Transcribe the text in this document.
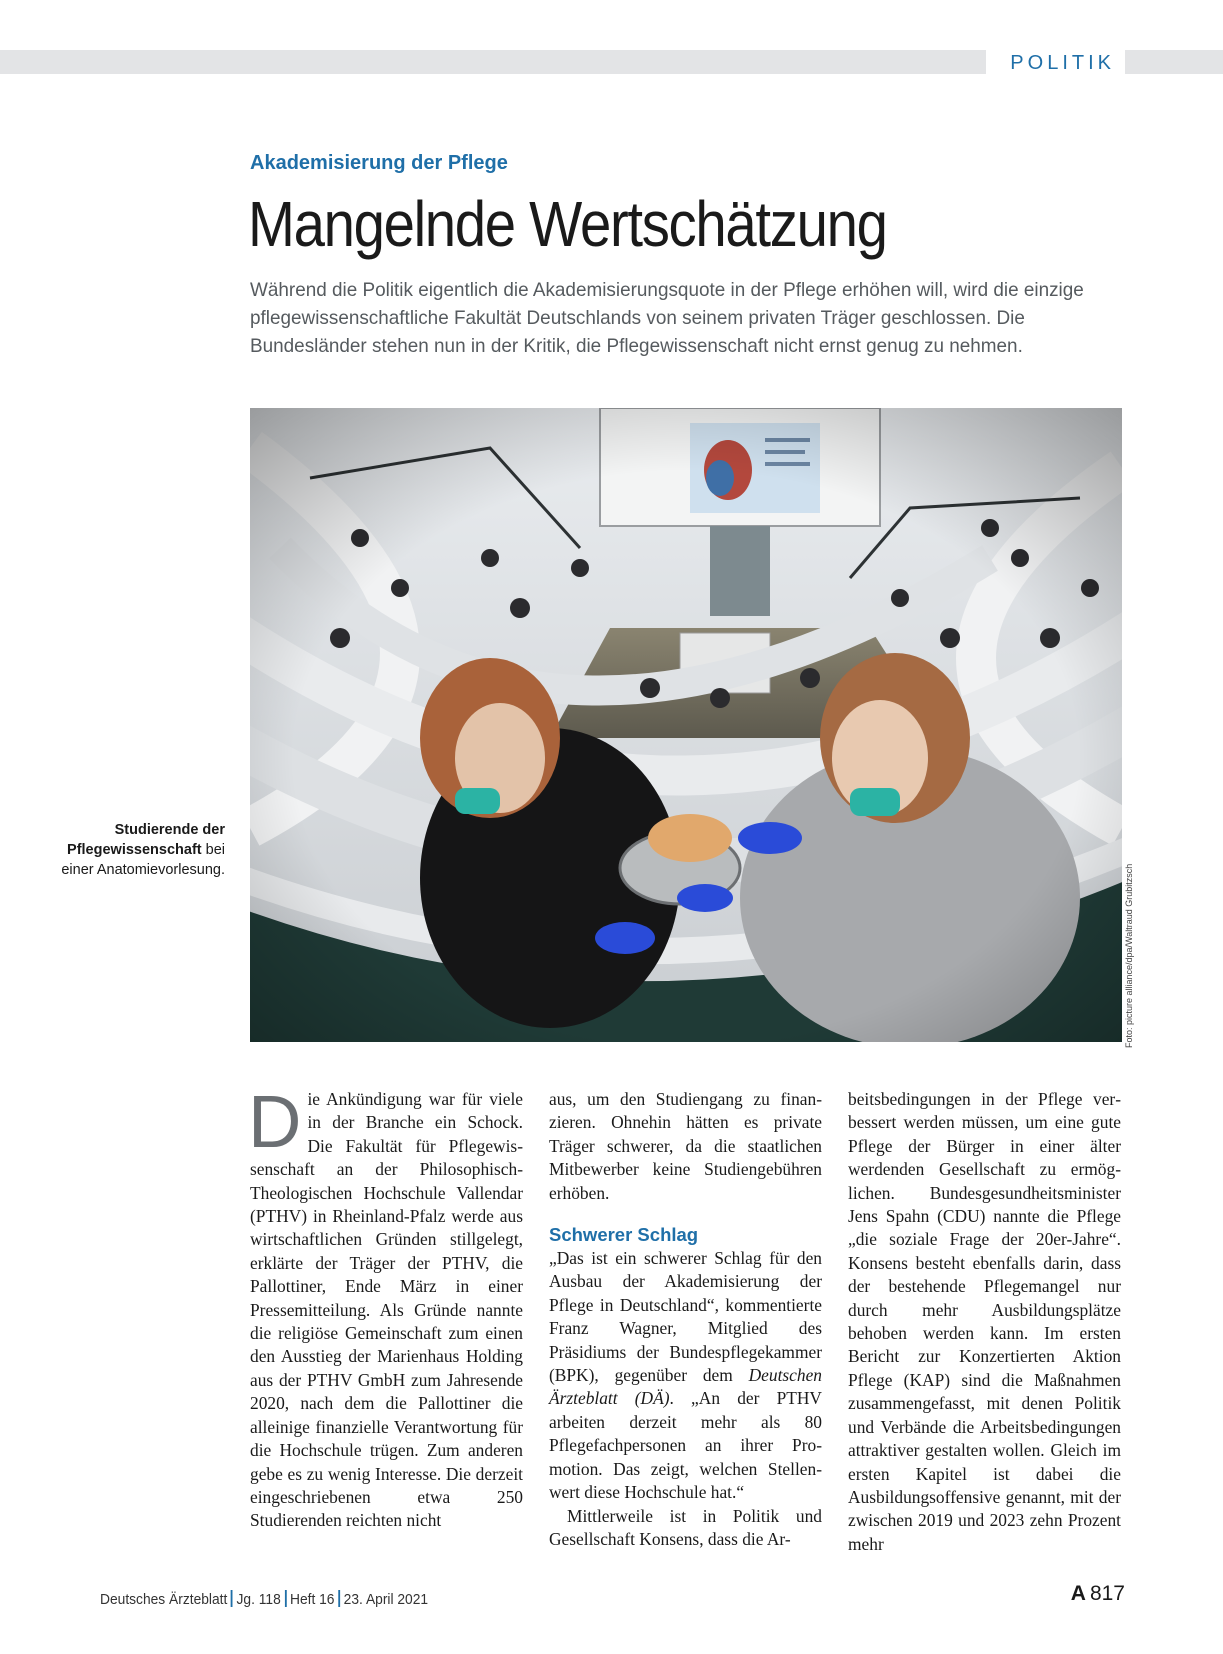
POLITIK
Akademisierung der Pflege
Mangelnde Wertschätzung

Während die Politik eigentlich die Akademisierungsquote in der Pflege erhöhen will, wird die einzige pflegewissenschaftliche Fakultät Deutschlands von seinem privaten Träger geschlossen. Die Bundesländer stehen nun in der Kritik, die Pflegewissenschaft nicht ernst genug zu nehmen.

Foto: picture alliance/dpa/Waltraud Grubitzsch
Studierende der Pflegewissenschaft bei einer Anatomievorlesung.

Die Ankündigung war für viele in der Branche ein Schock. Die Fakultät für Pflegewissenschaft an der Philosophisch-Theologischen Hochschule Vallendar (PTHV) in Rheinland-Pfalz werde aus wirtschaftlichen Gründen stillgelegt, erklärte der Träger der PTHV, die Pallottiner, Ende März in einer Pressemitteilung. Als Gründe nannte die religiöse Gemeinschaft zum einen den Ausstieg der Marienhaus Holding aus der PTHV GmbH zum Jahresende 2020, nach dem die Pallottiner die alleinige finanzielle Verantwortung für die Hochschule trügen. Zum anderen gebe es zu wenig Interesse. Die derzeit eingeschriebenen etwa 250 Studierenden reichten nicht

aus, um den Studiengang zu finanzieren. Ohnehin hätten es private Träger schwerer, da die staatlichen Mitbewerber keine Studiengebühren erhöben.

Schwerer Schlag

„Das ist ein schwerer Schlag für den Ausbau der Akademisierung der Pflege in Deutschland“, kommentierte Franz Wagner, Mitglied des Präsidiums der Bundespflegekammer (BPK), gegenüber dem Deutschen Ärzteblatt (DÄ). „An der PTHV arbeiten derzeit mehr als 80 Pflegefachpersonen an ihrer Promotion. Das zeigt, welchen Stellenwert diese Hochschule hat.“

Mittlerweile ist in Politik und Gesellschaft Konsens, dass die Ar-

beitsbedingungen in der Pflege verbessert werden müssen, um eine gute Pflege der Bürger in einer älter werdenden Gesellschaft zu ermöglichen. Bundesgesundheitsminister Jens Spahn (CDU) nannte die Pflege „die soziale Frage der 20er-Jahre“. Konsens besteht ebenfalls darin, dass der bestehende Pflegemangel nur durch mehr Ausbildungsplätze behoben werden kann. Im ersten Bericht zur Konzertierten Aktion Pflege (KAP) sind die Maßnahmen zusammengefasst, mit denen Politik und Verbände die Arbeitsbedingungen attraktiver gestalten wollen. Gleich im ersten Kapitel ist dabei die Ausbildungsoffensive genannt, mit der zwischen 2019 und 2023 zehn Prozent mehr

Deutsches Ärzteblatt Jg. 118 Heft 16 23. April 2021	A 817
